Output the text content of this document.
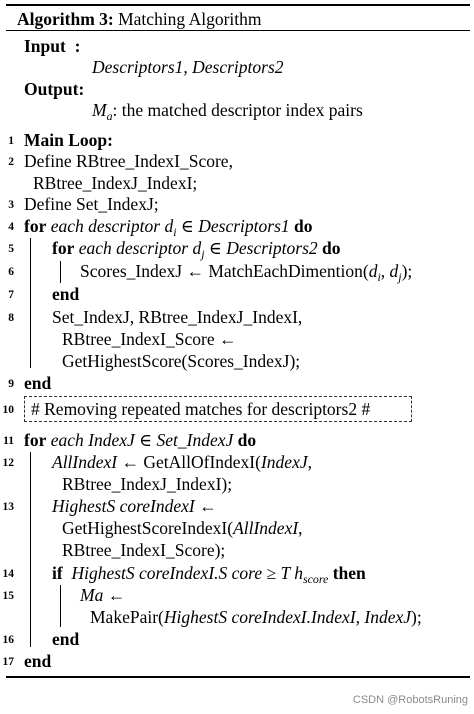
Algorithm 3: Matching Algorithm
Input :
Descriptors1, Descriptors2
Output:
$M_a$: the matched descriptor index pairs
1 Main Loop:
2 Define RBtree_IndexI_Score,
RBtree_IndexJ_IndexI;
3 Define Set_IndexJ;
4 for each descriptor $d_i$ ∈ Descriptors1 do
5 for each descriptor $d_j$ ∈ Descriptors2 do
6	Scores_IndexJ ← $MatchEachDimention(d_i$, $d_j$);
7 end
8 Set_IndexJ, RBtree_IndexJ_IndexI,
RBtree_IndexI_Score ←
GetHighestScore(Scores_IndexJ);
9 end
10 # Removing repeated matches for descriptors2 #
11 for each IndexJ ∈ Set_IndexJ do
12 AllIndexI ← GetAllOfIndexI(IndexJ,
RBtree_IndexJ_IndexI);
13 HighestS coreIndexI ←
GetHighestScoreIndexI(AllIndexI,
RBtree_IndexI_Score);
14 if HighestS coreIndexI.S core ≥ T $h_{score}$ then
15	Ma ←
MakePair(HighestS coreIndexI.IndexI, IndexJ);
16 end
17 end
CSDN @RobotsRuning
